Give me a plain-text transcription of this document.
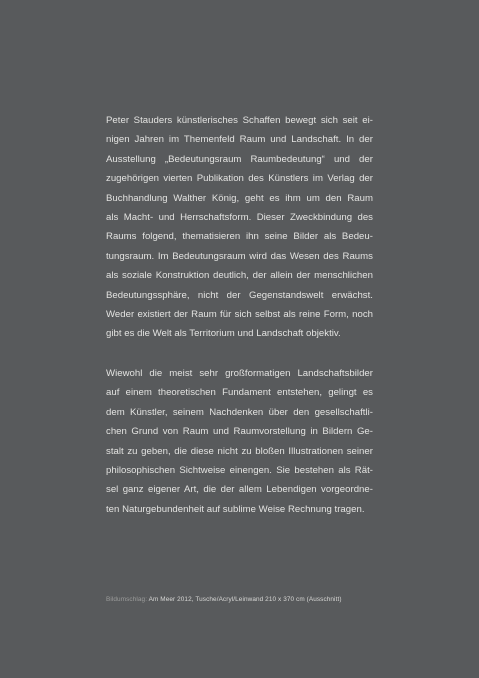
Peter Stauders künstlerisches Schaffen bewegt sich seit ei-
nigen Jahren im Themenfeld Raum und Landschaft. In der
Ausstellung „Bedeutungsraum Raumbedeutung“ und der
zugehörigen vierten Publikation des Künstlers im Verlag der
Buchhandlung Walther König, geht es ihm um den Raum
als Macht- und Herrschaftsform. Dieser Zweckbindung des
Raums folgend, thematisieren ihn seine Bilder als Bedeu-
tungsraum. Im Bedeutungsraum wird das Wesen des Raums
als soziale Konstruktion deutlich, der allein der menschlichen
Bedeutungssphäre, nicht der Gegenstandswelt erwächst.
Weder existiert der Raum für sich selbst als reine Form, noch
gibt es die Welt als Territorium und Landschaft objektiv.
Wiewohl die meist sehr großformatigen Landschaftsbilder
auf einem theoretischen Fundament entstehen, gelingt es
dem Künstler, seinem Nachdenken über den gesellschaftli-
chen Grund von Raum und Raumvorstellung in Bildern Ge-
stalt zu geben, die diese nicht zu bloßen Illustrationen seiner
philosophischen Sichtweise einengen. Sie bestehen als Rät-
sel ganz eigener Art, die der allem Lebendigen vorgeordne-
ten Naturgebundenheit auf sublime Weise Rechnung tragen.
Bildumschlag: Am Meer 2012, Tusche/Acryl/Leinwand 210 x 370 cm (Ausschnitt)
